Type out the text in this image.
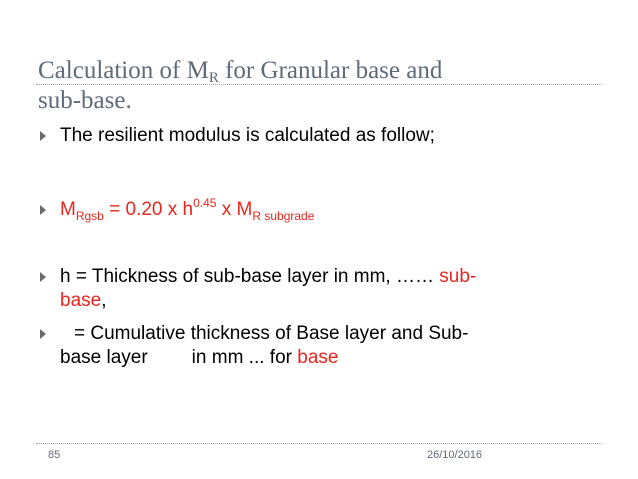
Calculation of $M_R$ for Granular base and
sub-base.
The resilient modulus is calculated as follow;
$M_{Rgsb} = 0.20$ x $h^{0.45}$ x $M_{R subgrade}$
h = Thickness of sub-base layer in mm, …… sub-
base,
= Cumulative thickness of Base layer and Sub-
base layer in mm ... for base
85	26/10/2016
